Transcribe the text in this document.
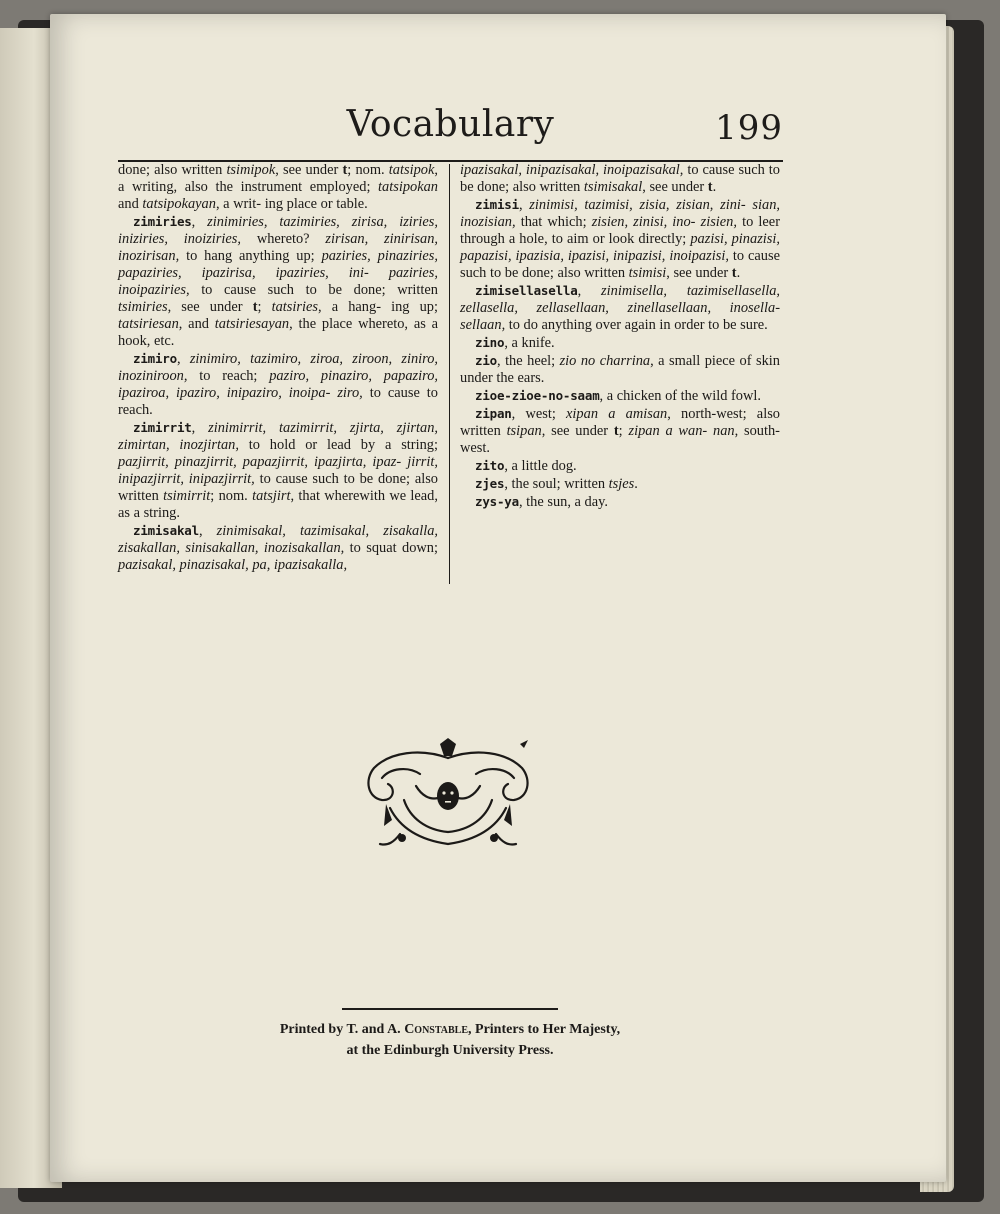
Vocabulary	199

done; also written tsimipok, see under t; nom. tatsipok, a writing, also the instrument employed; tatsipokan and tatsipokayan, a writ- ing place or table.

zimiries, zinimiries, tazimiries, zirisa, iziries, iniziries, inoiziries, whereto? zirisan, zinirisan, inozirisan, to hang anything up; paziries, pinaziries, papaziries, ipazirisa, ipaziries, ini- paziries, inoipaziries, to cause such to be done; written tsimiries, see under t; tatsiries, a hang- ing up; tatsiriesan, and tatsiriesayan, the place whereto, as a hook, etc.

zimiro, zinimiro, tazimiro, ziroa, ziroon, ziniro, inoziniroon, to reach; paziro, pinaziro, papaziro, ipaziroa, ipaziro, inipaziro, inoipa- ziro, to cause to reach.

zimirrit, zinimirrit, tazimirrit, zjirta, zjirtan, zimirtan, inozjirtan, to hold or lead by a string; pazjirrit, pinazjirrit, papazjirrit, ipazjirta, ipaz- jirrit, inipazjirrit, inipazjirrit, to cause such to be done; also written tsimirrit; nom. tatsjirt, that wherewith we lead, as a string.

zimisakal, zinimisakal, tazimisakal, zisakalla, zisakallan, sinisakallan, inozisakallan, to squat down; pazisakal, pinazisakal, pa, ipazisakalla,

ipazisakal, inipazisakal, inoipazisakal, to cause such to be done; also written tsimisakal, see under t.

zimisi, zinimisi, tazimisi, zisia, zisian, zini- sian, inozisian, that which; zisien, zinisi, ino- zisien, to leer through a hole, to aim or look directly; pazisi, pinazisi, papazisi, ipazisia, ipazisi, inipazisi, inoipazisi, to cause such to be done; also written tsimisi, see under t.

zimisellasella, zinimisella, tazimisellasella, zellasella, zellasellaan, zinellasellaan, inosella- sellaan, to do anything over again in order to be sure.

zino, a knife.

zio, the heel; zio no charrina, a small piece of skin under the ears.

zioe-zioe-no-saam, a chicken of the wild fowl.

zipan, west; xipan a amisan, north-west; also written tsipan, see under t; zipan a wan- nan, south-west.

zito, a little dog.

zjes, the soul; written tsjes.

zys-ya, the sun, a day.

Printed by T. and A. Constable, Printers to Her Majesty,
at the Edinburgh University Press.
